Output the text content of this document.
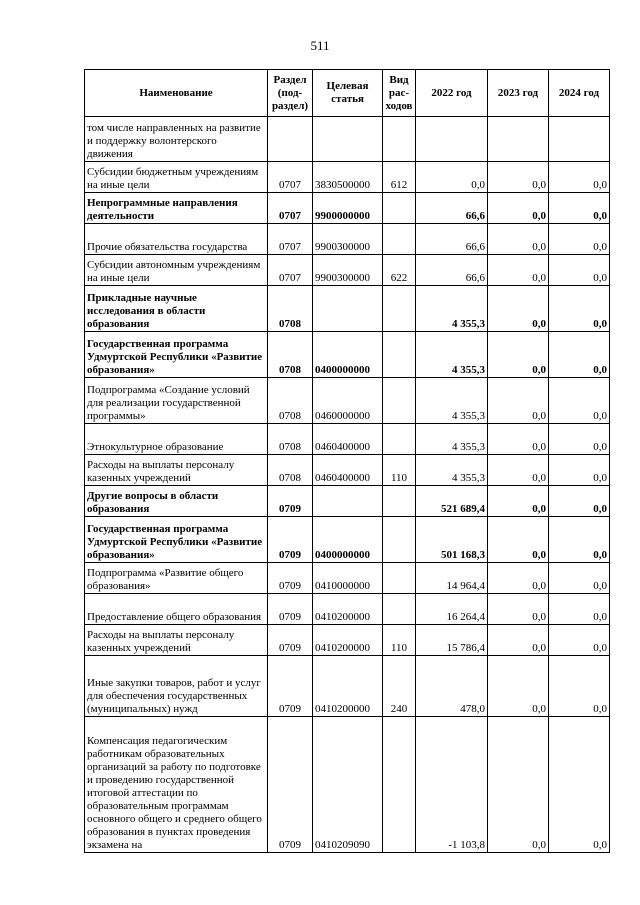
511
Наименование	Раздел (под-раздел)	Целевая статья	Вид рас-ходов	2022 год	2023 год	2024 год
том числе направленных на развитие и поддержку волонтерского движения						
Субсидии бюджетным учреждениям на иные цели	0707	3830500000	612	0,0	0,0	0,0
Непрограммные направления деятельности	0707	9900000000		66,6	0,0	0,0
Прочие обязательства государства	0707	9900300000		66,6	0,0	0,0
Субсидии автономным учреждениям на иные цели	0707	9900300000	622	66,6	0,0	0,0
Прикладные научные исследования в области образования	0708			4 355,3	0,0	0,0
Государственная программа Удмуртской Республики «Развитие образования»	0708	0400000000		4 355,3	0,0	0,0
Подпрограмма «Создание условий для реализации государственной программы»	0708	0460000000		4 355,3	0,0	0,0
Этнокультурное образование	0708	0460400000		4 355,3	0,0	0,0
Расходы на выплаты персоналу казенных учреждений	0708	0460400000	110	4 355,3	0,0	0,0
Другие вопросы в области образования	0709			521 689,4	0,0	0,0
Государственная программа Удмуртской Республики «Развитие образования»	0709	0400000000		501 168,3	0,0	0,0
Подпрограмма «Развитие общего образования»	0709	0410000000		14 964,4	0,0	0,0
Предоставление общего образования	0709	0410200000		16 264,4	0,0	0,0
Расходы на выплаты персоналу казенных учреждений	0709	0410200000	110	15 786,4	0,0	0,0
Иные закупки товаров, работ и услуг для обеспечения государственных (муниципальных) нужд	0709	0410200000	240	478,0	0,0	0,0
Компенсация педагогическим работникам образовательных организаций за работу по подготовке и проведению государственной итоговой аттестации по образовательным программам основного общего и среднего общего образования в пунктах проведения экзамена на	0709	0410209090		-1 103,8	0,0	0,0
